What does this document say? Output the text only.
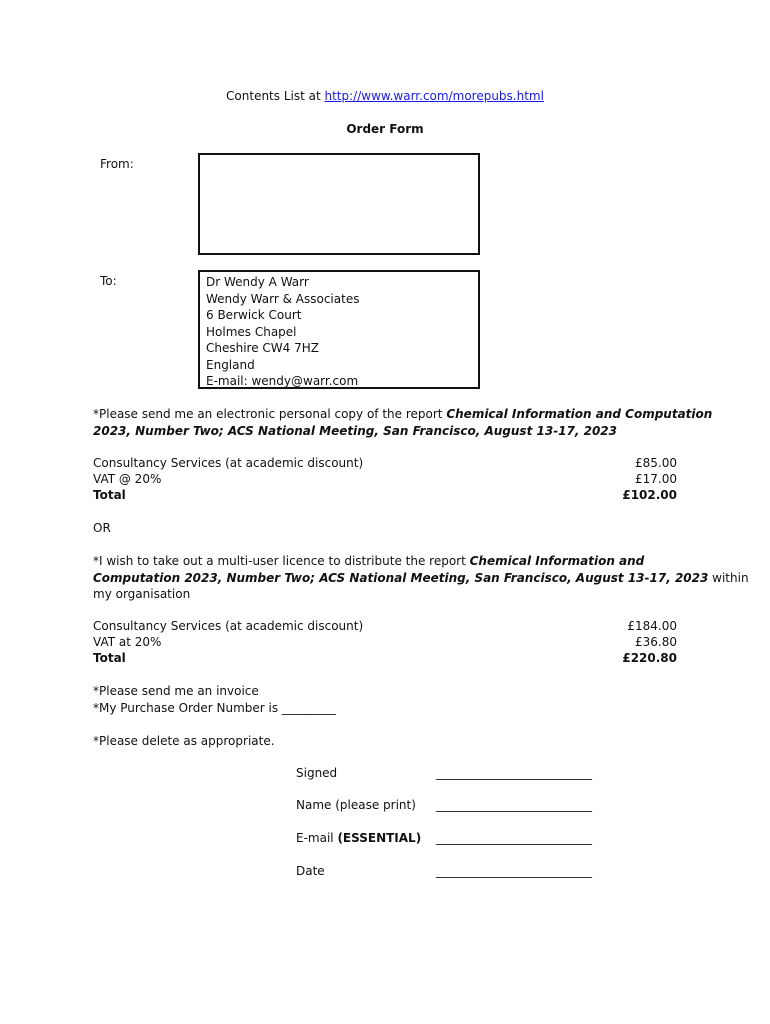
Contents List at http://www.warr.com/morepubs.html
Order Form
From:
To:	Dr Wendy A Warr
Wendy Warr & Associates
6 Berwick Court
Holmes Chapel
Cheshire CW4 7HZ
England
E-mail: wendy@warr.com
*Please send me an electronic personal copy of the report Chemical Information and Computation
2023, Number Two; ACS National Meeting, San Francisco, August 13-17, 2023
Consultancy Services (at academic discount)	£85.00
VAT @ 20%	£17.00
Total	£102.00
OR
*I wish to take out a multi-user licence to distribute the report Chemical Information and
Computation 2023, Number Two; ACS National Meeting, San Francisco, August 13-17, 2023 within
my organisation
Consultancy Services (at academic discount)	£184.00
VAT at 20%	£36.80
Total	£220.80
*Please send me an invoice
*My Purchase Order Number is _________
*Please delete as appropriate.
Signed	__________________________
Name (please print) __________________________
E-mail (ESSENTIAL) __________________________
Date	__________________________
